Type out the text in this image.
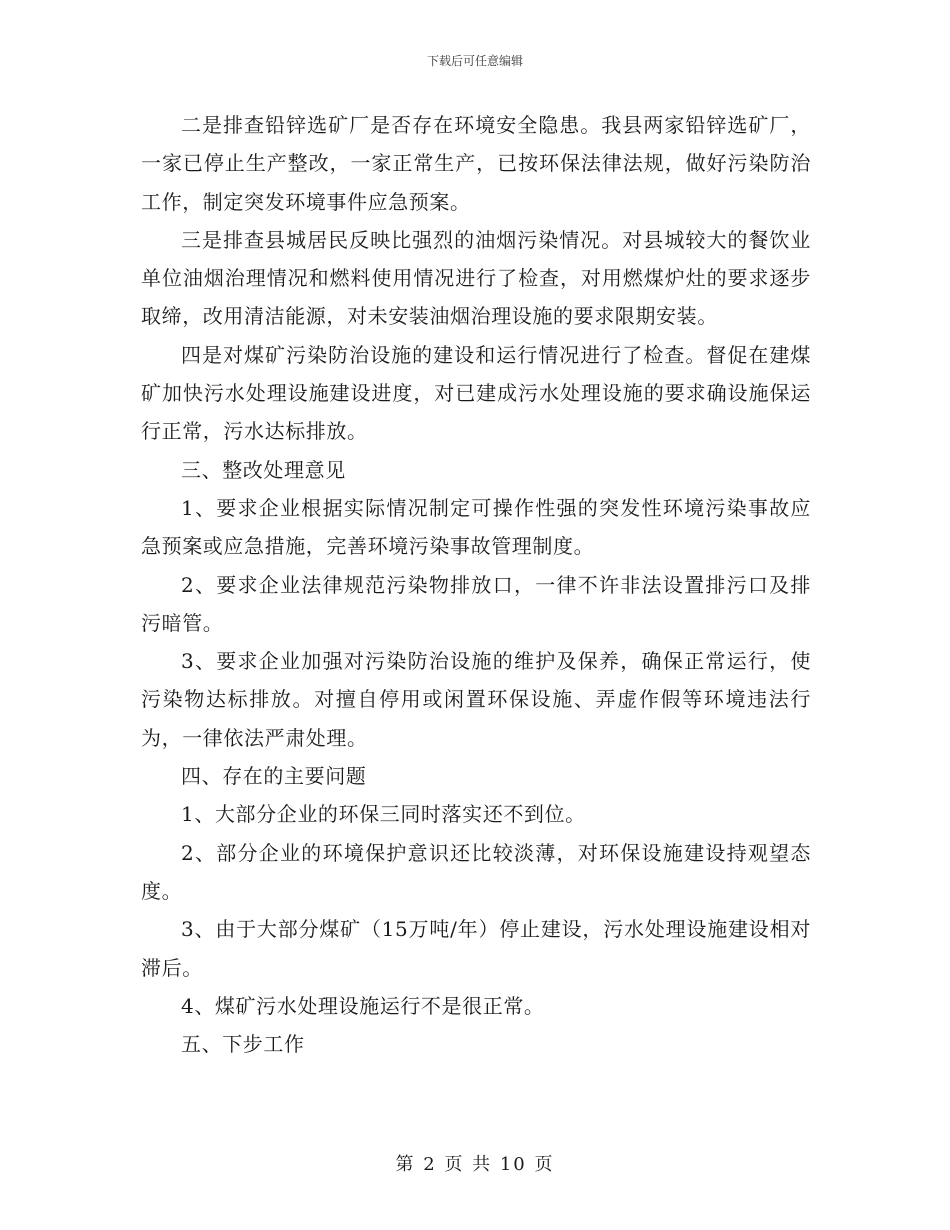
下载后可任意编辑

二是排查铅锌选矿厂是否存在环境安全隐患。我县两家铅锌选矿厂，一家已停止生产整改，一家正常生产，已按环保法律法规，做好污染防治工作，制定突发环境事件应急预案。

三是排查县城居民反映比强烈的油烟污染情况。对县城较大的餐饮业单位油烟治理情况和燃料使用情况进行了检查，对用燃煤炉灶的要求逐步取缔，改用清洁能源，对未安装油烟治理设施的要求限期安装。

四是对煤矿污染防治设施的建设和运行情况进行了检查。督促在建煤矿加快污水处理设施建设进度，对已建成污水处理设施的要求确设施保运行正常，污水达标排放。

三、整改处理意见

1、要求企业根据实际情况制定可操作性强的突发性环境污染事故应急预案或应急措施，完善环境污染事故管理制度。

2、要求企业法律规范污染物排放口，一律不许非法设置排污口及排污暗管。

3、要求企业加强对污染防治设施的维护及保养，确保正常运行，使污染物达标排放。对擅自停用或闲置环保设施、弄虚作假等环境违法行为，一律依法严肃处理。

四、存在的主要问题

1、大部分企业的环保三同时落实还不到位。

2、部分企业的环境保护意识还比较淡薄，对环保设施建设持观望态度。

3、由于大部分煤矿（15万吨/年）停止建设，污水处理设施建设相对滞后。

4、煤矿污水处理设施运行不是很正常。

五、下步工作

第 2 页 共 10 页
